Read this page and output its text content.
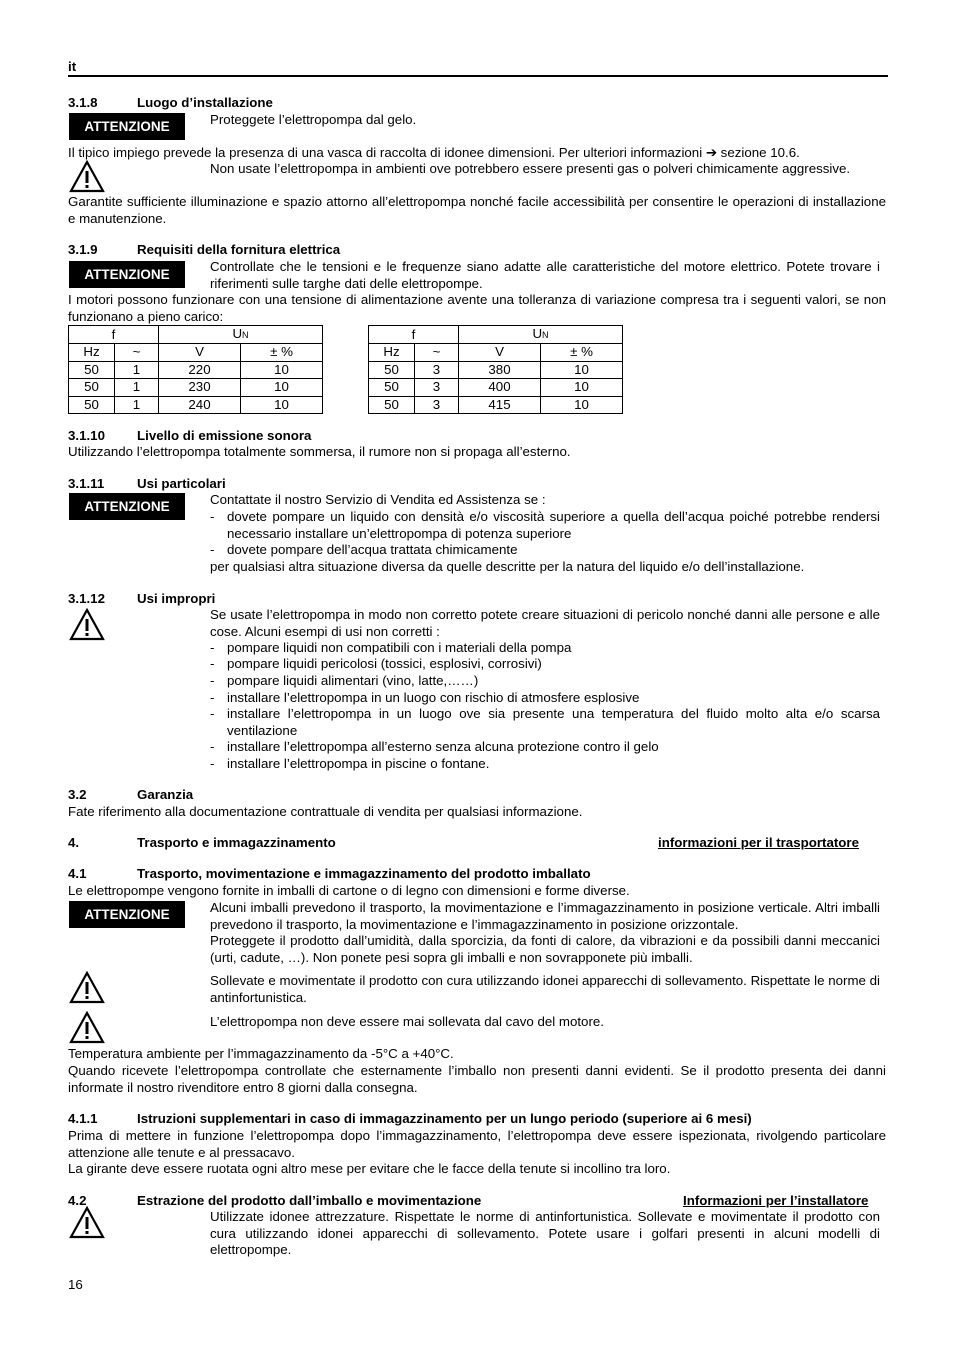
it
3.1.8	Luogo d’installazione
ATTENZIONE	Proteggete l’elettropompa dal gelo.
Il tipico impiego prevede la presenza di una vasca di raccolta di idonee dimensioni. Per ulteriori informazioni ➔ sezione 10.6.
Non usate l’elettropompa in ambienti ove potrebbero essere presenti gas o polveri chimicamente aggressive.
Garantite sufficiente illuminazione e spazio attorno all’elettropompa nonché facile accessibilità per consentire le operazioni di installazione e manutenzione.
3.1.9	Requisiti della fornitura elettrica
ATTENZIONE
Controllate che le tensioni e le frequenze siano adatte alle caratteristiche del motore elettrico. Potete trovare i riferimenti sulle targhe dati delle elettropompe.
I motori possono funzionare con una tensione di alimentazione avente una tolleranza di variazione compresa tra i seguenti valori, se non funzionano a pieno carico:
f		UN	
Hz	~	V	± %
50	1	220	10
50	1	230	10
50	1	240	10
f		UN	
Hz	~	V	± %
50	3	380	10
50	3	400	10
50	3	415	10
3.1.10 Livello di emissione sonora
Utilizzando l’elettropompa totalmente sommersa, il rumore non si propaga all’esterno.
3.1.11 Usi particolari
ATTENZIONE	Contattate il nostro Servizio di Vendita ed Assistenza se :
- dovete pompare un liquido con densità e/o viscosità superiore a quella dell’acqua poiché potrebbe rendersi necessario installare un’elettropompa di potenza superiore
- dovete pompare dell’acqua trattata chimicamente
per qualsiasi altra situazione diversa da quelle descritte per la natura del liquido e/o dell’installazione.
3.1.12 Usi impropri
Se usate l’elettropompa in modo non corretto potete creare situazioni di pericolo nonché danni alle persone e alle cose. Alcuni esempi di usi non corretti :
- pompare liquidi non compatibili con i materiali della pompa
- pompare liquidi pericolosi (tossici, esplosivi, corrosivi)
- pompare liquidi alimentari (vino, latte,……)
- installare l’elettropompa in un luogo con rischio di atmosfere esplosive
- installare l’elettropompa in un luogo ove sia presente una temperatura del fluido molto alta e/o scarsa ventilazione
- installare l’elettropompa all’esterno senza alcuna protezione contro il gelo
- installare l’elettropompa in piscine o fontane.
3.2	Garanzia
Fate riferimento alla documentazione contrattuale di vendita per qualsiasi informazione.
4.	Trasporto e immagazzinamento	informazioni per il trasportatore
4.1	Trasporto, movimentazione e immagazzinamento del prodotto imballato
Le elettropompe vengono fornite in imballi di cartone o di legno con dimensioni e forme diverse.
ATTENZIONE	Alcuni imballi prevedono il trasporto, la movimentazione e l’immagazzinamento in posizione verticale. Altri imballi prevedono il trasporto, la movimentazione e l’immagazzinamento in posizione orizzontale.
Proteggete il prodotto dall’umidità, dalla sporcizia, da fonti di calore, da vibrazioni e da possibili danni meccanici (urti, cadute, …). Non ponete pesi sopra gli imballi e non sovrapponete più imballi.
Sollevate e movimentate il prodotto con cura utilizzando idonei apparecchi di sollevamento. Rispettate le norme di antinfortunistica.
L’elettropompa non deve essere mai sollevata dal cavo del motore.
Temperatura ambiente per l’immagazzinamento da -5°C a +40°C.
Quando ricevete l’elettropompa controllate che esternamente l’imballo non presenti danni evidenti. Se il prodotto presenta dei danni informate il nostro rivenditore entro 8 giorni dalla consegna.
4.1.1	Istruzioni supplementari in caso di immagazzinamento per un lungo periodo (superiore ai 6 mesi)
Prima di mettere in funzione l’elettropompa dopo l’immagazzinamento, l’elettropompa deve essere ispezionata, rivolgendo particolare attenzione alle tenute e al pressacavo.
La girante deve essere ruotata ogni altro mese per evitare che le facce della tenute si incollino tra loro.
4.2	Estrazione del prodotto dall’imballo e movimentazione	Informazioni per l’installatore
Utilizzate idonee attrezzature. Rispettate le norme di antinfortunistica. Sollevate e movimentate il prodotto con cura utilizzando idonei apparecchi di sollevamento. Potete usare i golfari presenti in alcuni modelli di elettropompe.
16
